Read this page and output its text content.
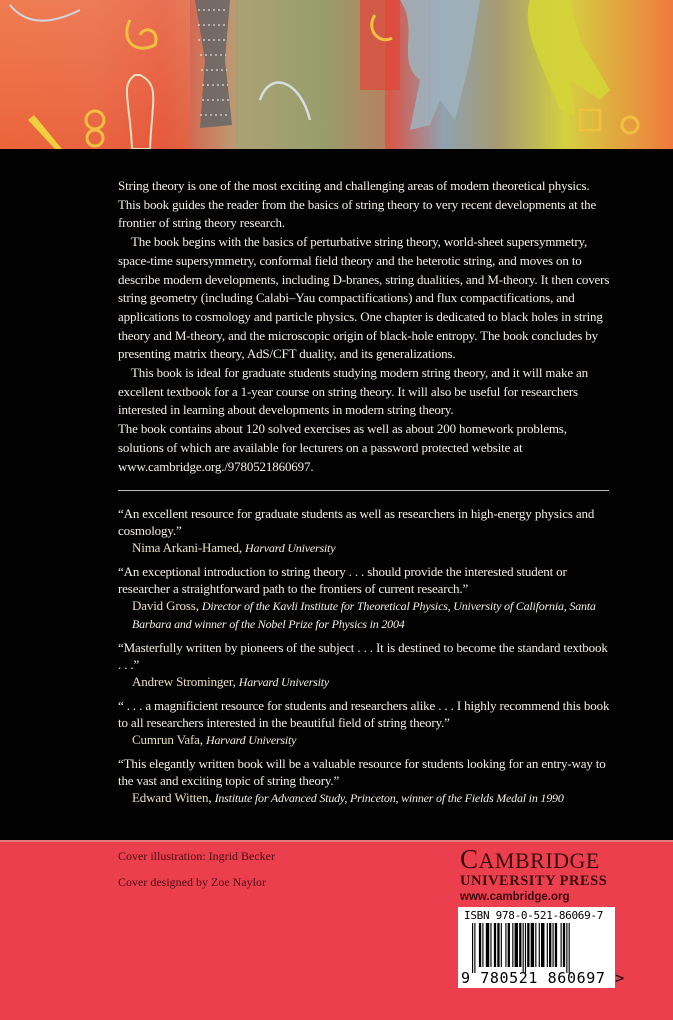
String theory is one of the most exciting and challenging areas of modern theoretical physics. This book guides the reader from the basics of string theory to very recent developments at the frontier of string theory research.

The book begins with the basics of perturbative string theory, world-sheet supersymmetry, space-time supersymmetry, conformal field theory and the heterotic string, and moves on to describe modern developments, including D-branes, string dualities, and M-theory. It then covers string geometry (including Calabi–Yau compactifications) and flux compactifications, and applications to cosmology and particle physics. One chapter is dedicated to black holes in string theory and M-theory, and the microscopic origin of black-hole entropy. The book concludes by presenting matrix theory, AdS/CFT duality, and its generalizations.

This book is ideal for graduate students studying modern string theory, and it will make an excellent textbook for a 1-year course on string theory. It will also be useful for researchers interested in learning about developments in modern string theory.

The book contains about 120 solved exercises as well as about 200 homework problems, solutions of which are available for lecturers on a password protected website at www.cambridge.org./9780521860697.

“An excellent resource for graduate students as well as researchers in high-energy physics and cosmology.”
Nima Arkani-Hamed, Harvard University
“An exceptional introduction to string theory . . . should provide the interested student or researcher a straightforward path to the frontiers of current research.”
David Gross, Director of the Kavli Institute for Theoretical Physics, University of California, Santa Barbara and winner of the Nobel Prize for Physics in 2004
“Masterfully written by pioneers of the subject . . . It is destined to become the standard textbook . . .”
Andrew Strominger, Harvard University
“ . . . a magnificient resource for students and researchers alike . . . I highly recommend this book to all researchers interested in the beautiful field of string theory.”
Cumrun Vafa, Harvard University
“This elegantly written book will be a valuable resource for students looking for an entry-way to the vast and exciting topic of string theory.”
Edward Witten, Institute for Advanced Study, Princeton, winner of the Fields Medal in 1990
Cover illustration: Ingrid Becker
Cover designed by Zoe Naylor
CAMBRIDGE
UNIVERSITY PRESS
www.cambridge.org
ISBN 978-0-521-86069-7
9 780521 860697 >
